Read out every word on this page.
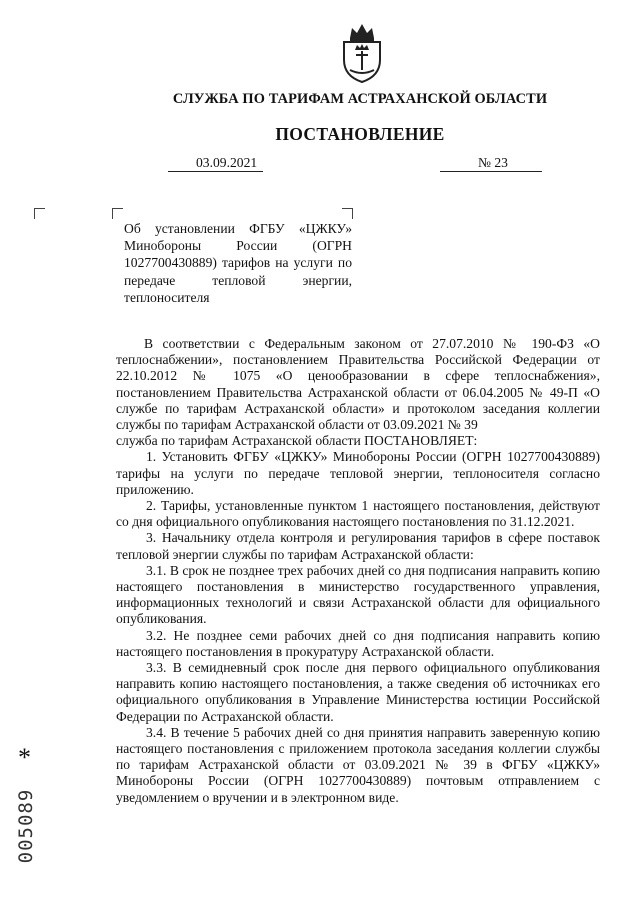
СЛУЖБА ПО ТАРИФАМ АСТРАХАНСКОЙ ОБЛАСТИ
ПОСТАНОВЛЕНИЕ
03.09.2021	№ 23
Об установлении ФГБУ «ЦЖКУ» Минобороны России (ОГРН 1027700430889) тарифов на услуги по передаче тепловой энергии, теплоносителя

В соответствии с Федеральным законом от 27.07.2010 № 190-ФЗ «О теплоснабжении», постановлением Правительства Российской Федерации от 22.10.2012 № 1075 «О ценообразовании в сфере теплоснабжения», постановлением Правительства Астраханской области от 06.04.2005 № 49-П «О службе по тарифам Астраханской области» и протоколом заседания коллегии службы по тарифам Астраханской области от 03.09.2021 № 39

служба по тарифам Астраханской области ПОСТАНОВЛЯЕТ:

1. Установить ФГБУ «ЦЖКУ» Минобороны России (ОГРН 1027700430889) тарифы на услуги по передаче тепловой энергии, теплоносителя согласно приложению.

2. Тарифы, установленные пунктом 1 настоящего постановления, действуют со дня официального опубликования настоящего постановления по 31.12.2021.

3. Начальнику отдела контроля и регулирования тарифов в сфере поставок тепловой энергии службы по тарифам Астраханской области:

3.1. В срок не позднее трех рабочих дней со дня подписания направить копию настоящего постановления в министерство государственного управления, информационных технологий и связи Астраханской области для официального опубликования.

3.2. Не позднее семи рабочих дней со дня подписания направить копию настоящего постановления в прокуратуру Астраханской области.

3.3. В семидневный срок после дня первого официального опубликования направить копию настоящего постановления, а также сведения об источниках его официального опубликования в Управление Министерства юстиции Российской Федерации по Астраханской области.

3.4. В течение 5 рабочих дней со дня принятия направить заверенную копию настоящего постановления с приложением протокола заседания коллегии службы по тарифам Астраханской области от 03.09.2021 № 39 в ФГБУ «ЦЖКУ» Минобороны России (ОГРН 1027700430889) почтовым отправлением с уведомлением о вручении и в электронном виде.

*
005089
